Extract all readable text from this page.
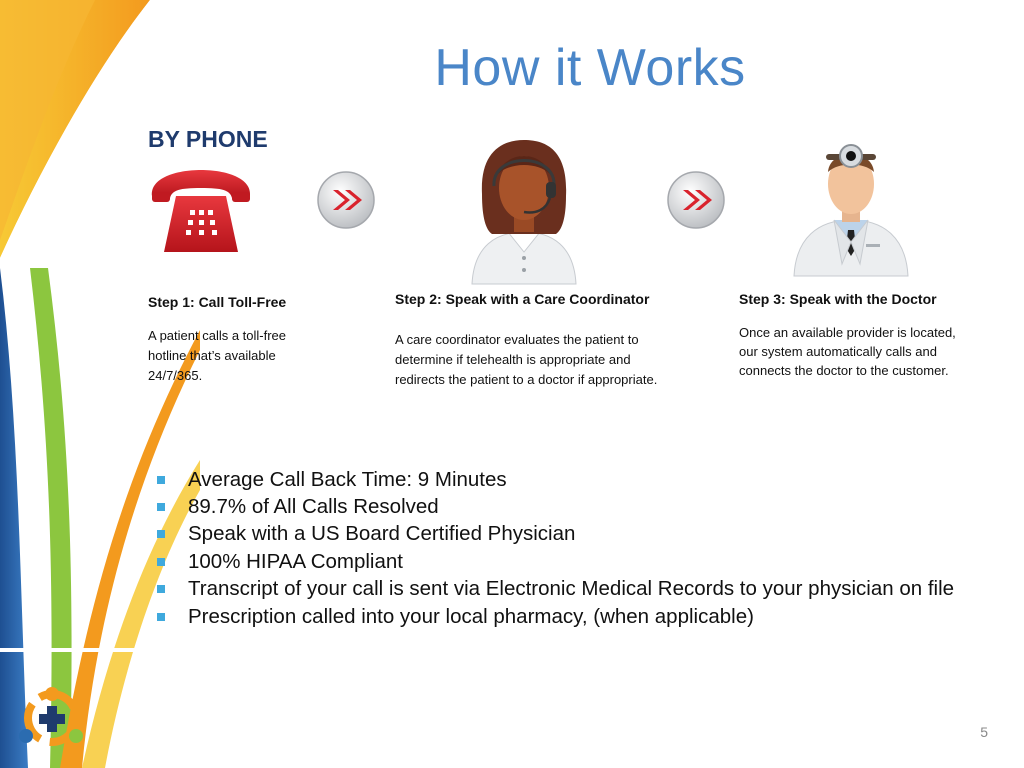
How it Works
BY PHONE
Step 1: Call Toll-Free
A patient calls a toll-free
hotline that’s available
24/7/365.
Step 2: Speak with a Care Coordinator
A care coordinator evaluates the patient to
determine if telehealth is appropriate and
redirects the patient to a doctor if appropriate.
Step 3: Speak with the Doctor
Once an available provider is located,
our system automatically calls and
connects the doctor to the customer.
Average Call Back Time: 9 Minutes
89.7% of All Calls Resolved
Speak with a US Board Certified Physician
100% HIPAA Compliant
Transcript of your call is sent via Electronic Medical Records to your physician on file
Prescription called into your local pharmacy, (when applicable)
5
